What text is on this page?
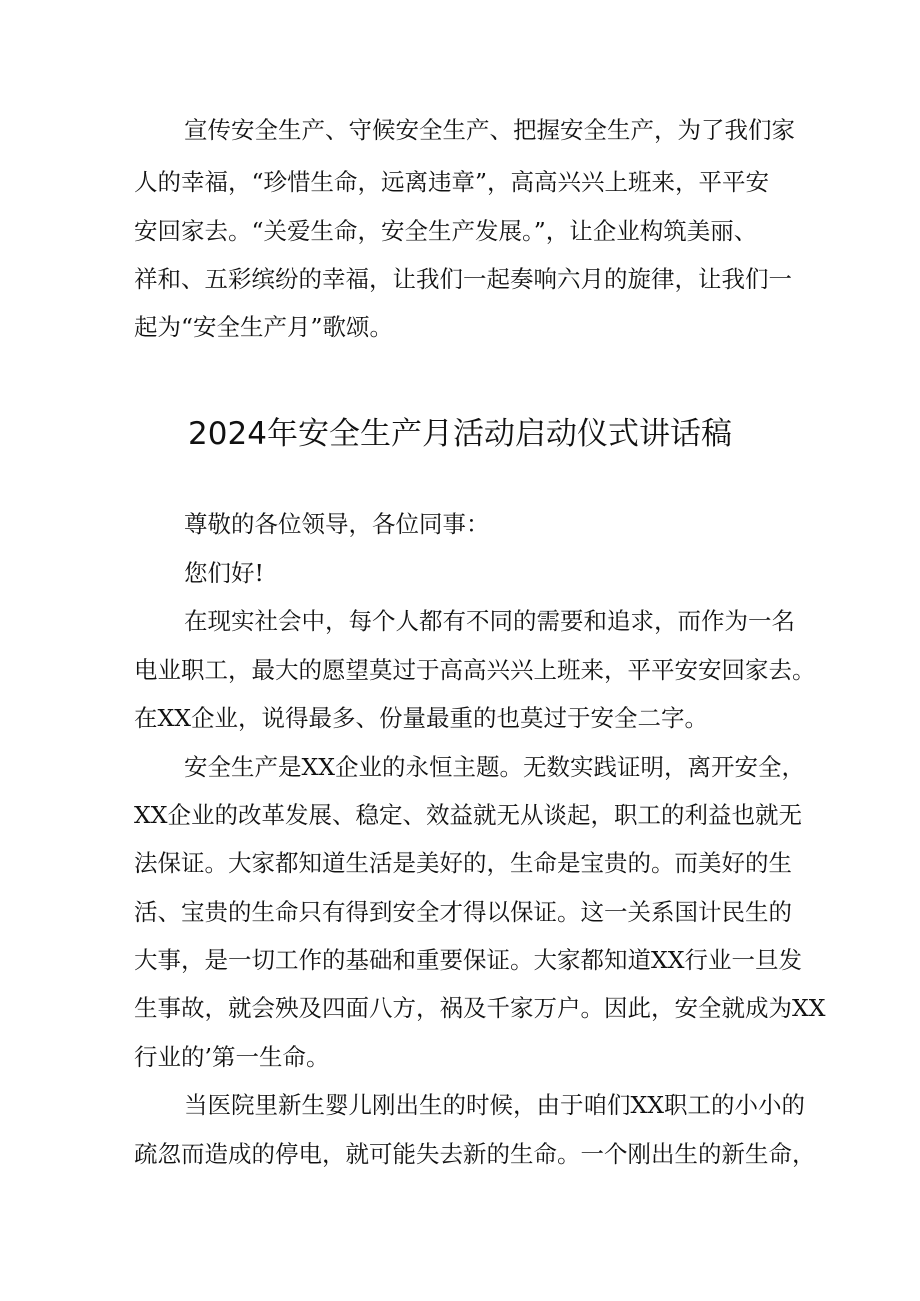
宣传安全生产、守候安全生产、把握安全生产，为了我们家
人的幸福，“珍惜生命，远离违章”，高高兴兴上班来，平平安
安回家去。“关爱生命，安全生产发展。”，让企业构筑美丽、
祥和、五彩缤纷的幸福，让我们一起奏响六月的旋律，让我们一
起为“安全生产月”歌颂。
2024年安全生产月活动启动仪式讲话稿
尊敬的各位领导，各位同事：
您们好!
在现实社会中，每个人都有不同的需要和追求，而作为一名
电业职工，最大的愿望莫过于高高兴兴上班来，平平安安回家去。
在XX企业，说得最多、份量最重的也莫过于安全二字。
安全生产是XX企业的永恒主题。无数实践证明，离开安全，
XX企业的改革发展、稳定、效益就无从谈起，职工的利益也就无
法保证。大家都知道生活是美好的，生命是宝贵的。而美好的生
活、宝贵的生命只有得到安全才得以保证。这一关系国计民生的
大事，是一切工作的基础和重要保证。大家都知道XX行业一旦发
生事故，就会殃及四面八方，祸及千家万户。因此，安全就成为XX
行业的’第一生命。
当医院里新生婴儿刚出生的时候，由于咱们XX职工的小小的
疏忽而造成的停电，就可能失去新的生命。一个刚出生的新生命，
